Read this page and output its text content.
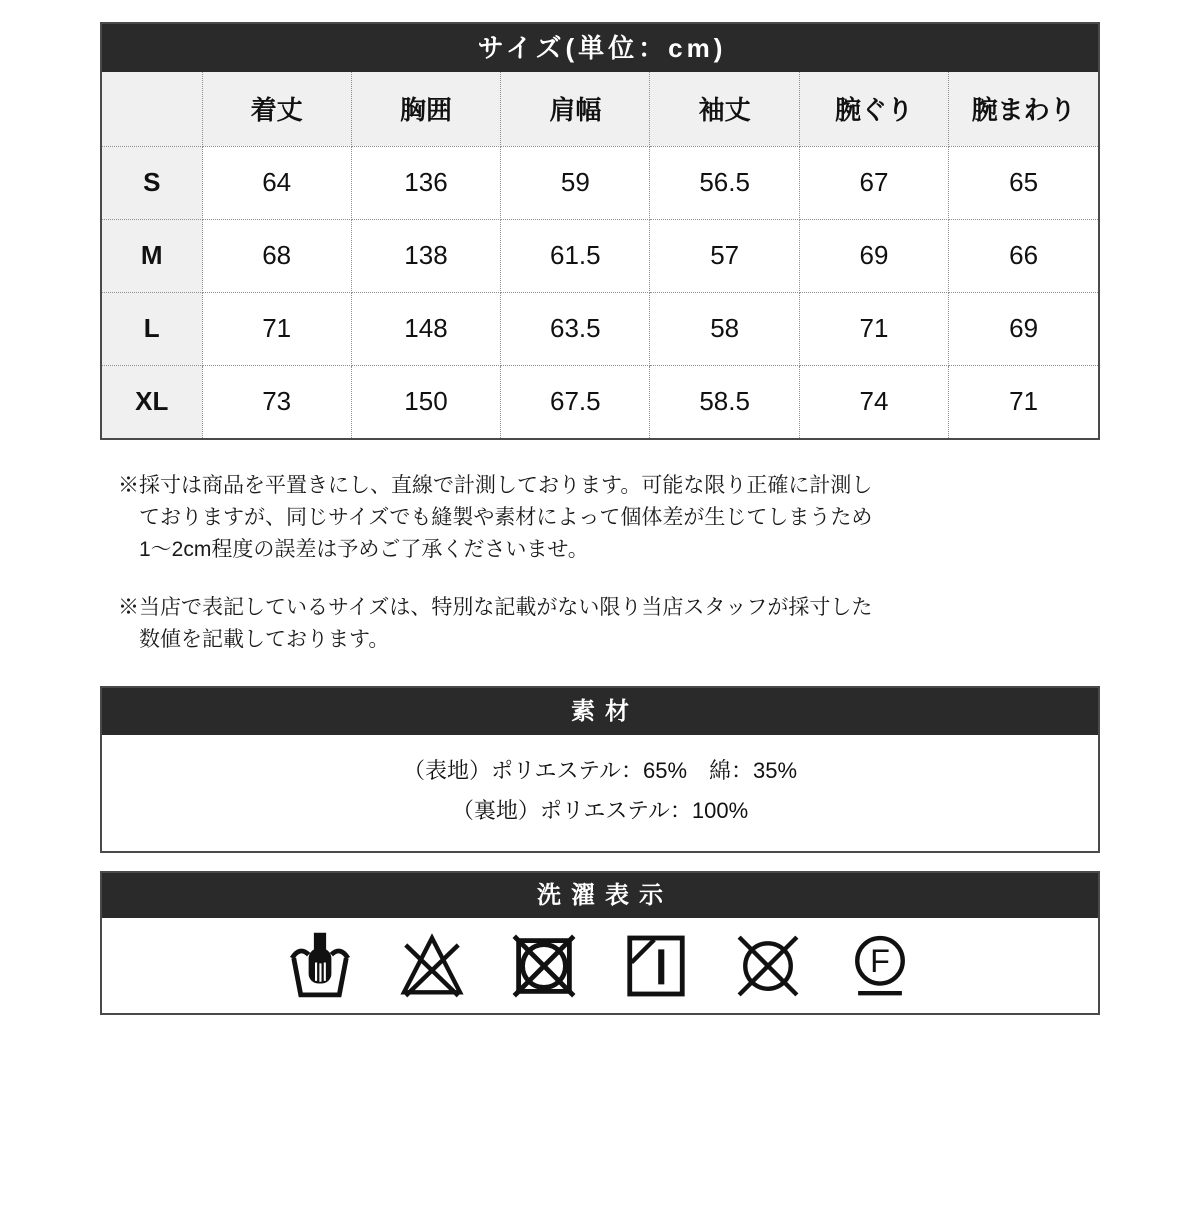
サイズ(単位：cm)
	着丈	胸囲	肩幅	袖丈	腕ぐり	腕まわり
S	64	136	59	56.5	67	65
M	68	138	61.5	57	69	66
L	71	148	63.5	58	71	69
XL	73	150	67.5	58.5	74	71
※採寸は商品を平置きにし、直線で計測しております。可能な限り正確に計測し
ておりますが、同じサイズでも縫製や素材によって個体差が生じてしまうため
1〜2cm程度の誤差は予めご了承くださいませ。
※当店で表記しているサイズは、特別な記載がない限り当店スタッフが採寸した
数値を記載しております。
素材
（表地）ポリエステル：65%　綿：35%
（裏地）ポリエステル：100%
洗濯表示
F
